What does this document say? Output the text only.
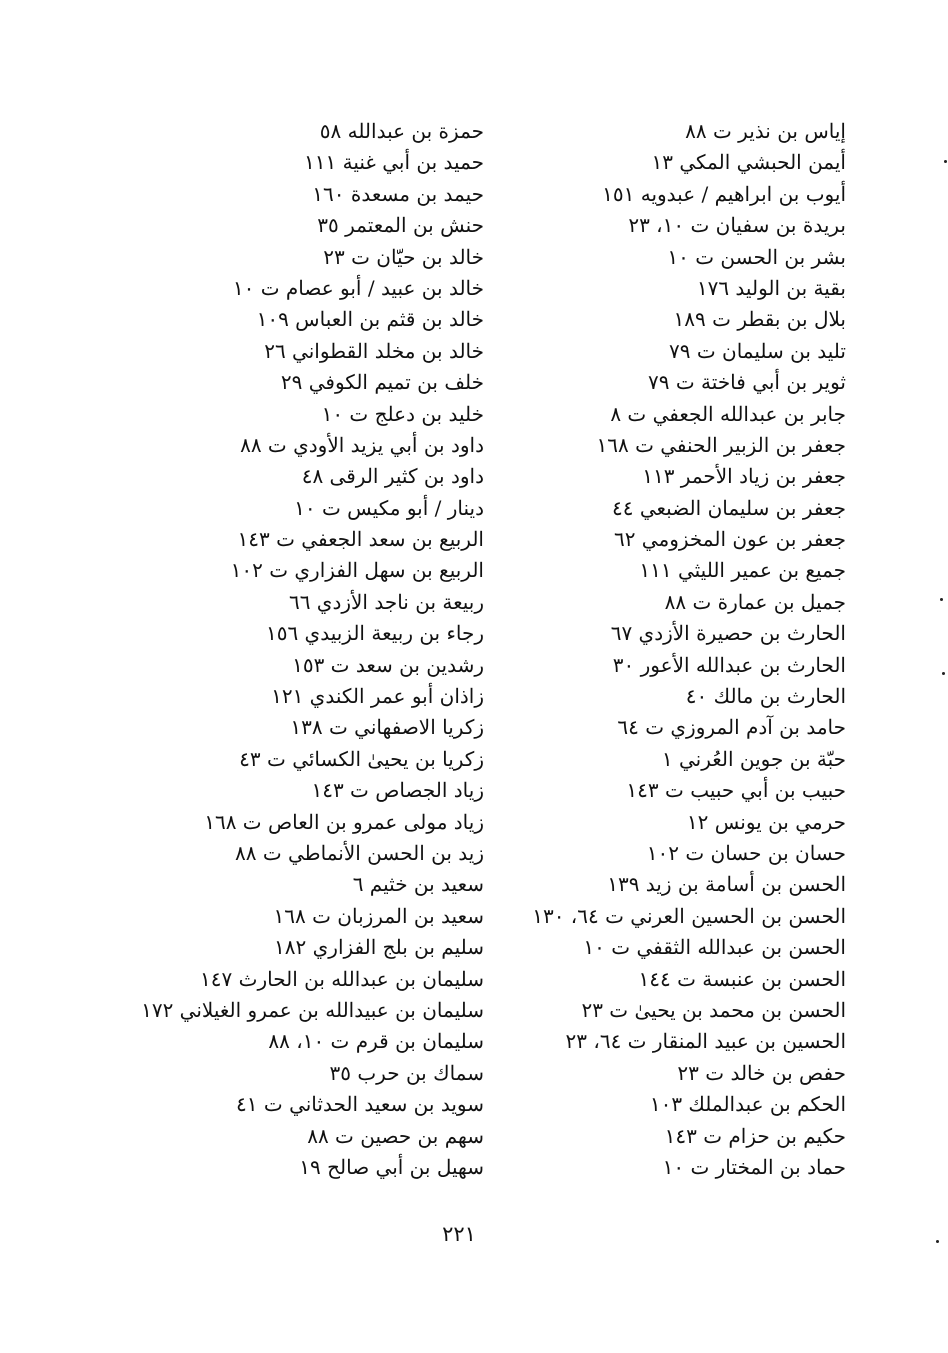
إياس بن نذير ت ٨٨
أيمن الحبشي المكي ١٣
أيوب بن ابراهيم / عبدويه ١٥١
بريدة بن سفيان ت ١٠، ٢٣
بشر بن الحسن ت ١٠
بقية بن الوليد ١٧٦
بلال بن بقطر ت ١٨٩
تليد بن سليمان ت ٧٩
ثوير بن أبي فاختة ت ٧٩
جابر بن عبدالله الجعفي ت ٨
جعفر بن الزبير الحنفي ت ١٦٨
جعفر بن زياد الأحمر ١١٣
جعفر بن سليمان الضبعي ٤٤
جعفر بن عون المخزومي ٦٢
جميع بن عمير الليثي ١١١
جميل بن عمارة ت ٨٨
الحارث بن حصيرة الأزدي ٦٧
الحارث بن عبدالله الأعور ٣٠
الحارث بن مالك ٤٠
حامد بن آدم المروزي ت ٦٤
حبّة بن جوين العُرني ١
حبيب بن أبي حبيب ت ١٤٣
حرمي بن يونس ١٢
حسان بن حسان ت ١٠٢
الحسن بن أسامة بن زيد ١٣٩
الحسن بن الحسين العرني ت ٦٤، ١٣٠
الحسن بن عبدالله الثقفي ت ١٠
الحسن بن عنبسة ت ١٤٤
الحسن بن محمد بن يحيىٰ ت ٢٣
الحسين بن عبيد المنقار ت ٦٤، ٢٣
حفص بن خالد ت ٢٣
الحكم بن عبدالملك ١٠٣
حكيم بن حزام ت ١٤٣
حماد بن المختار ت ١٠
حمزة بن عبدالله ٥٨
حميد بن أبي غنية ١١١
حيمد بن مسعدة ١٦٠
حنش بن المعتمر ٣٥
خالد بن حيّان ت ٢٣
خالد بن عبيد / أبو عصام ت ١٠
خالد بن قثم بن العباس ١٠٩
خالد بن مخلد القطواني ٢٦
خلف بن تميم الكوفي ٢٩
خليد بن دعلج ت ١٠
داود بن أبي يزيد الأودي ت ٨٨
داود بن كثير الرقى ٤٨
دينار / أبو مكيس ت ١٠
الربيع بن سعد الجعفي ت ١٤٣
الربيع بن سهل الفزاري ت ١٠٢
ربيعة بن ناجد الأزدي ٦٦
رجاء بن ربيعة الزبيدي ١٥٦
رشدين بن سعد ت ١٥٣
زاذان أبو عمر الكندي ١٢١
زكريا الاصفهاني ت ١٣٨
زكريا بن يحيىٰ الكسائي ت ٤٣
زياد الجصاص ت ١٤٣
زياد مولى عمرو بن العاص ت ١٦٨
زيد بن الحسن الأنماطي ت ٨٨
سعيد بن خثيم ٦
سعيد بن المرزبان ت ١٦٨
سليم بن بلج الفزاري ١٨٢
سليمان بن عبدالله بن الحارث ١٤٧
سليمان بن عبيدالله بن عمرو الغيلاني ١٧٢
سليمان بن قرم ت ١٠، ٨٨
سماك بن حرب ٣٥
سويد بن سعيد الحدثاني ت ٤١
سهم بن حصين ت ٨٨
سهيل بن أبي صالح ١٩
٢٢١
